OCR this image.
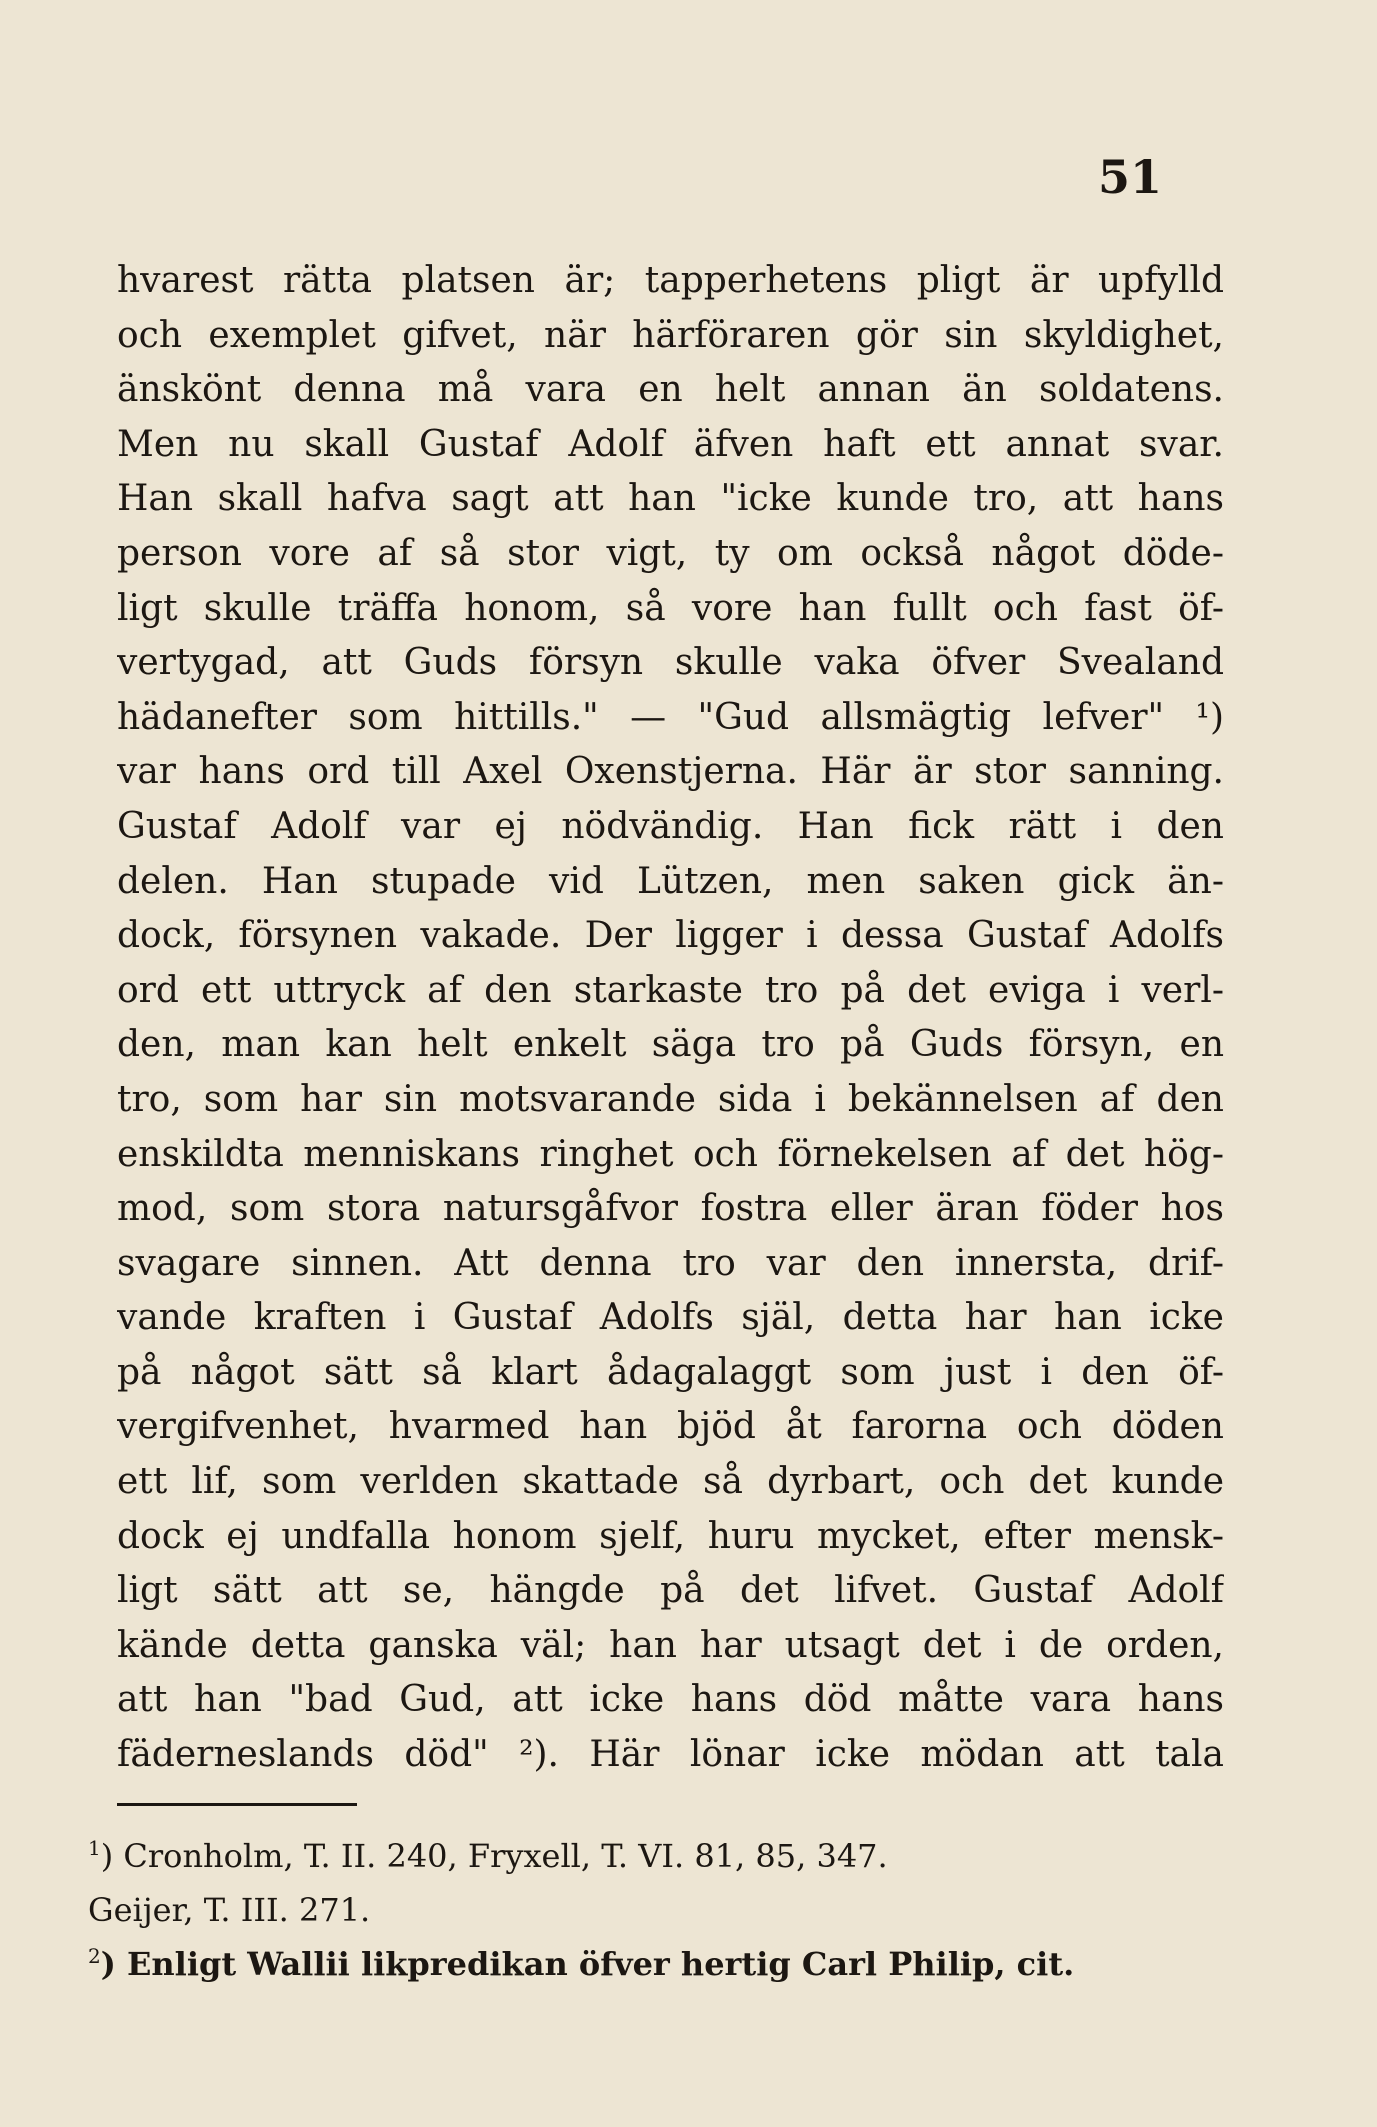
51
hvarest rätta platsen är; tapperhetens pligt är upfylld
och exemplet gifvet, när härföraren gör sin skyldighet,
änskönt denna må vara en helt annan än soldatens.
Men nu skall Gustaf Adolf äfven haft ett annat svar.
Han skall hafva sagt att han "icke kunde tro, att hans
person vore af så stor vigt, ty om också något döde-
ligt skulle träffa honom, så vore han fullt och fast öf-
vertygad, att Guds försyn skulle vaka öfver Svealand
hädanefter som hittills." — "Gud allsmägtig lefver" ¹)
var hans ord till Axel Oxenstjerna. Här är stor sanning.
Gustaf Adolf var ej nödvändig. Han fick rätt i den
delen. Han stupade vid Lützen, men saken gick än-
dock, försynen vakade. Der ligger i dessa Gustaf Adolfs
ord ett uttryck af den starkaste tro på det eviga i verl-
den, man kan helt enkelt säga tro på Guds försyn, en
tro, som har sin motsvarande sida i bekännelsen af den
enskildta menniskans ringhet och förnekelsen af det hög-
mod, som stora natursgåfvor fostra eller äran föder hos
svagare sinnen. Att denna tro var den innersta, drif-
vande kraften i Gustaf Adolfs själ, detta har han icke
på något sätt så klart ådagalaggt som just i den öf-
vergifvenhet, hvarmed han bjöd åt farorna och döden
ett lif, som verlden skattade så dyrbart, och det kunde
dock ej undfalla honom sjelf, huru mycket, efter mensk-
ligt sätt att se, hängde på det lifvet. Gustaf Adolf
kände detta ganska väl; han har utsagt det i de orden,
att han "bad Gud, att icke hans död måtte vara hans
fäderneslands död" ²). Här lönar icke mödan att tala
$^1$) Cronholm, T. II. 240, Fryxell, T. VI. 81, 85, 347.
Geijer, T. III. 271.
$^2$) Enligt Wallii likpredikan öfver hertig Carl Philip, cit.
